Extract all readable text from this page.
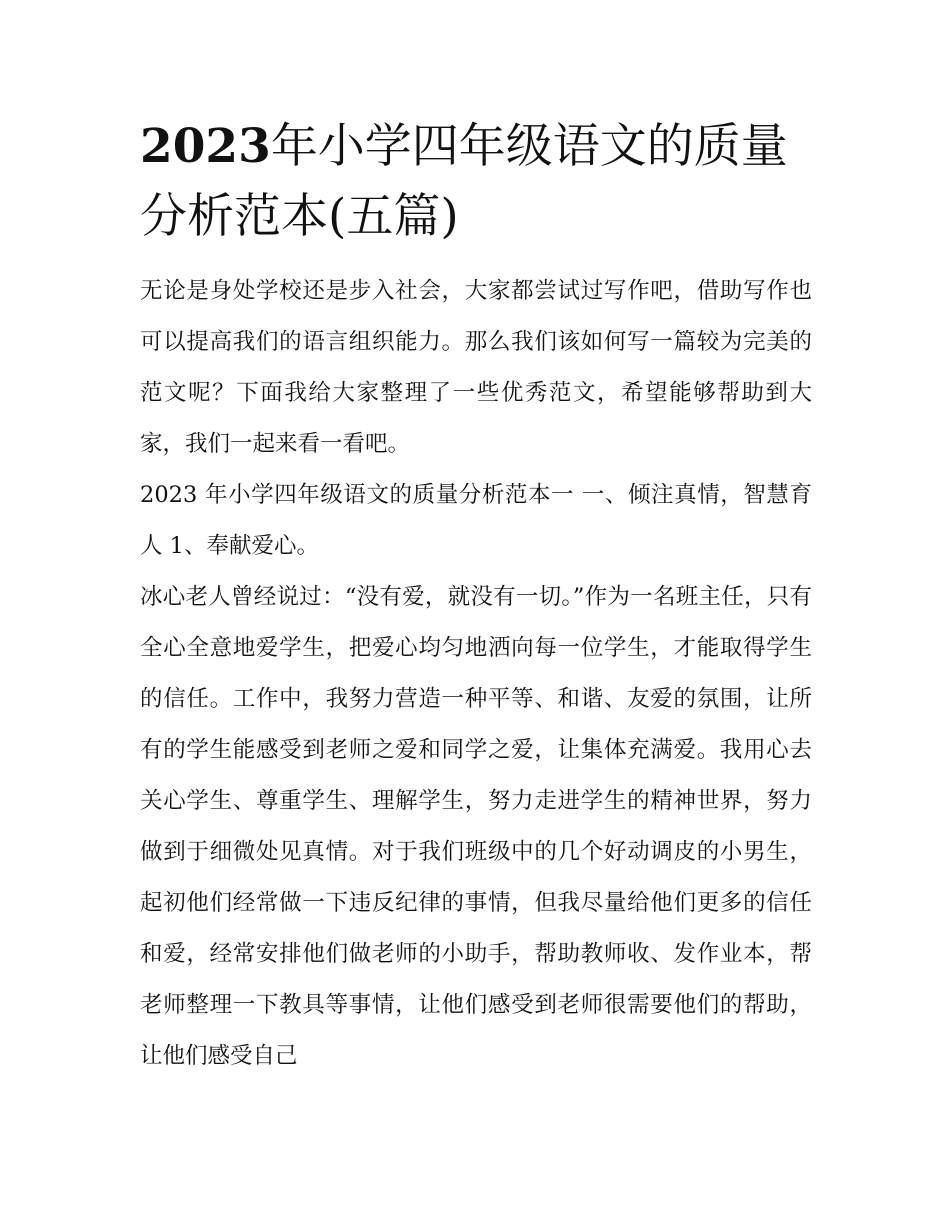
2023年小学四年级语文的质量分析范本(五篇)

无论是身处学校还是步入社会，大家都尝试过写作吧，借助写作也可以提高我们的语言组织能力。那么我们该如何写一篇较为完美的范文呢？下面我给大家整理了一些优秀范文，希望能够帮助到大家，我们一起来看一看吧。

2023 年小学四年级语文的质量分析范本一 一、倾注真情，智慧育人 1、奉献爱心。

冰心老人曾经说过：“没有爱，就没有一切。”作为一名班主任，只有全心全意地爱学生，把爱心均匀地洒向每一位学生，才能取得学生的信任。工作中，我努力营造一种平等、和谐、友爱的氛围，让所有的学生能感受到老师之爱和同学之爱，让集体充满爱。我用心去关心学生、尊重学生、理解学生，努力走进学生的精神世界，努力做到于细微处见真情。对于我们班级中的几个好动调皮的小男生，起初他们经常做一下违反纪律的事情，但我尽量给他们更多的信任和爱，经常安排他们做老师的小助手，帮助教师收、发作业本，帮老师整理一下教具等事情，让他们感受到老师很需要他们的帮助，让他们感受自己
